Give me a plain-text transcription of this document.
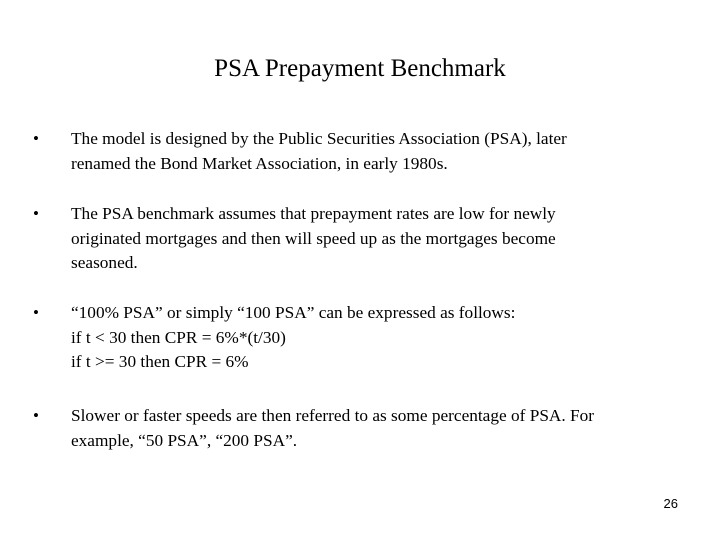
PSA Prepayment Benchmark
• The model is designed by the Public Securities Association (PSA), later
renamed the Bond Market Association, in early 1980s.
• The PSA benchmark assumes that prepayment rates are low for newly
originated mortgages and then will speed up as the mortgages become
seasoned.
• “100% PSA” or simply “100 PSA” can be expressed as follows:
if t < 30 then CPR = 6%*(t/30)
if t >= 30 then CPR = 6%
• Slower or faster speeds are then referred to as some percentage of PSA. For
example, “50 PSA”, “200 PSA”.
26
